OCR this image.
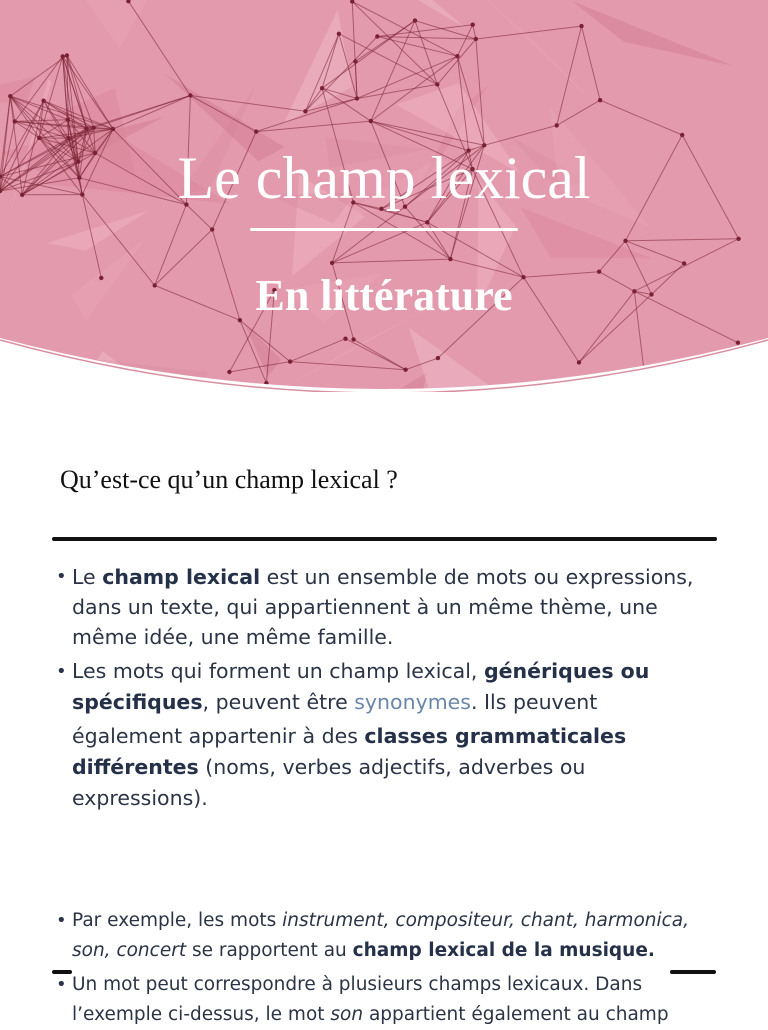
Le champ lexical
En littérature
Qu’est-ce qu’un champ lexical ?
• Le champ lexical est un ensemble de mots ou expressions, dans un texte, qui appartiennent à un même thème, une même idée, une même famille.
• Les mots qui forment un champ lexical, génériques ou spécifiques, peuvent être synonymes. Ils peuvent
également appartenir à des classes grammaticales différentes (noms, verbes adjectifs, adverbes ou expressions).
• Par exemple, les mots instrument, compositeur, chant, harmonica, son, concert se rapportent au champ lexical de la musique.
• Un mot peut correspondre à plusieurs champs lexicaux. Dans l’exemple ci-dessus, le mot son appartient également au champ
